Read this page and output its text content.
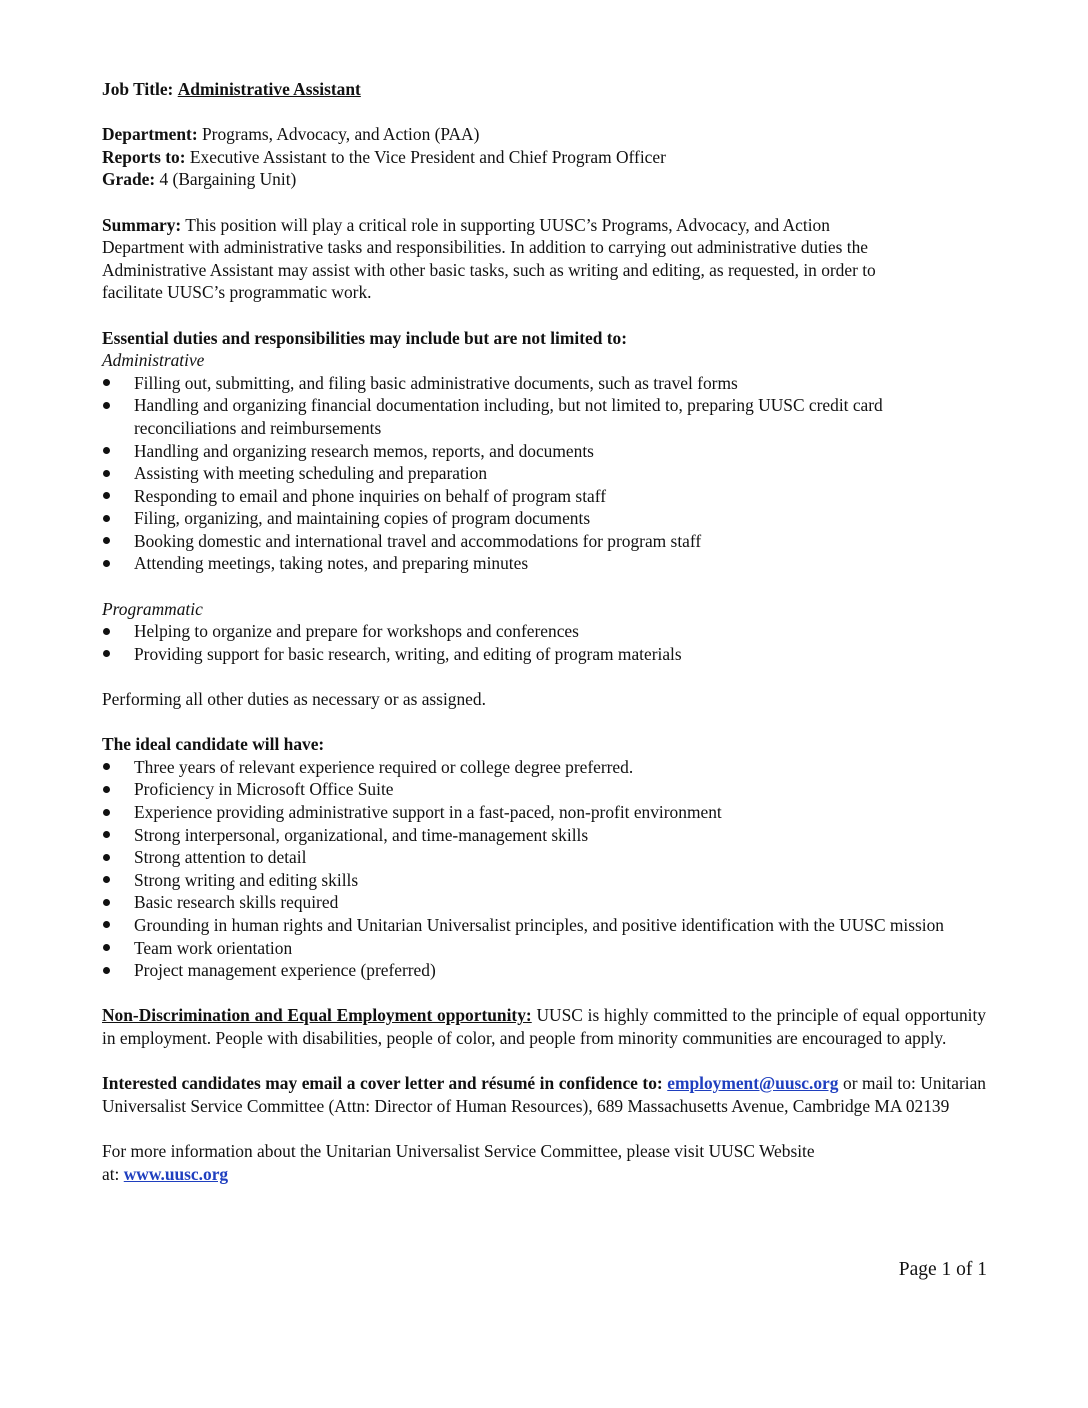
Job Title: Administrative Assistant

Department: Programs, Advocacy, and Action (PAA)

Reports to: Executive Assistant to the Vice President and Chief Program Officer

Grade: 4 (Bargaining Unit)

Summary: This position will play a critical role in supporting UUSC’s Programs, Advocacy, and Action

Department with administrative tasks and responsibilities. In addition to carrying out administrative duties the

Administrative Assistant may assist with other basic tasks, such as writing and editing, as requested, in order to

facilitate UUSC’s programmatic work.

Essential duties and responsibilities may include but are not limited to:

Administrative

Filling out, submitting, and filing basic administrative documents, such as travel forms
Handling and organizing financial documentation including, but not limited to, preparing UUSC credit card reconciliations and reimbursements
Handling and organizing research memos, reports, and documents
Assisting with meeting scheduling and preparation
Responding to email and phone inquiries on behalf of program staff
Filing, organizing, and maintaining copies of program documents
Booking domestic and international travel and accommodations for program staff
Attending meetings, taking notes, and preparing minutes

Programmatic

Helping to organize and prepare for workshops and conferences
Providing support for basic research, writing, and editing of program materials

Performing all other duties as necessary or as assigned.

The ideal candidate will have:

Three years of relevant experience required or college degree preferred.
Proficiency in Microsoft Office Suite
Experience providing administrative support in a fast-paced, non-profit environment
Strong interpersonal, organizational, and time-management skills
Strong attention to detail
Strong writing and editing skills
Basic research skills required
Grounding in human rights and Unitarian Universalist principles, and positive identification with the UUSC mission
Team work orientation
Project management experience (preferred)

Non-Discrimination and Equal Employment opportunity: UUSC is highly committed to the principle of equal opportunity in employment. People with disabilities, people of color, and people from minority communities are encouraged to apply.

Interested candidates may email a cover letter and résumé in confidence to: employment@uusc.org or mail to: Unitarian Universalist Service Committee (Attn: Director of Human Resources), 689 Massachusetts Avenue, Cambridge MA 02139

For more information about the Unitarian Universalist Service Committee, please visit UUSC Website

at: www.uusc.org

Page 1 of 1
